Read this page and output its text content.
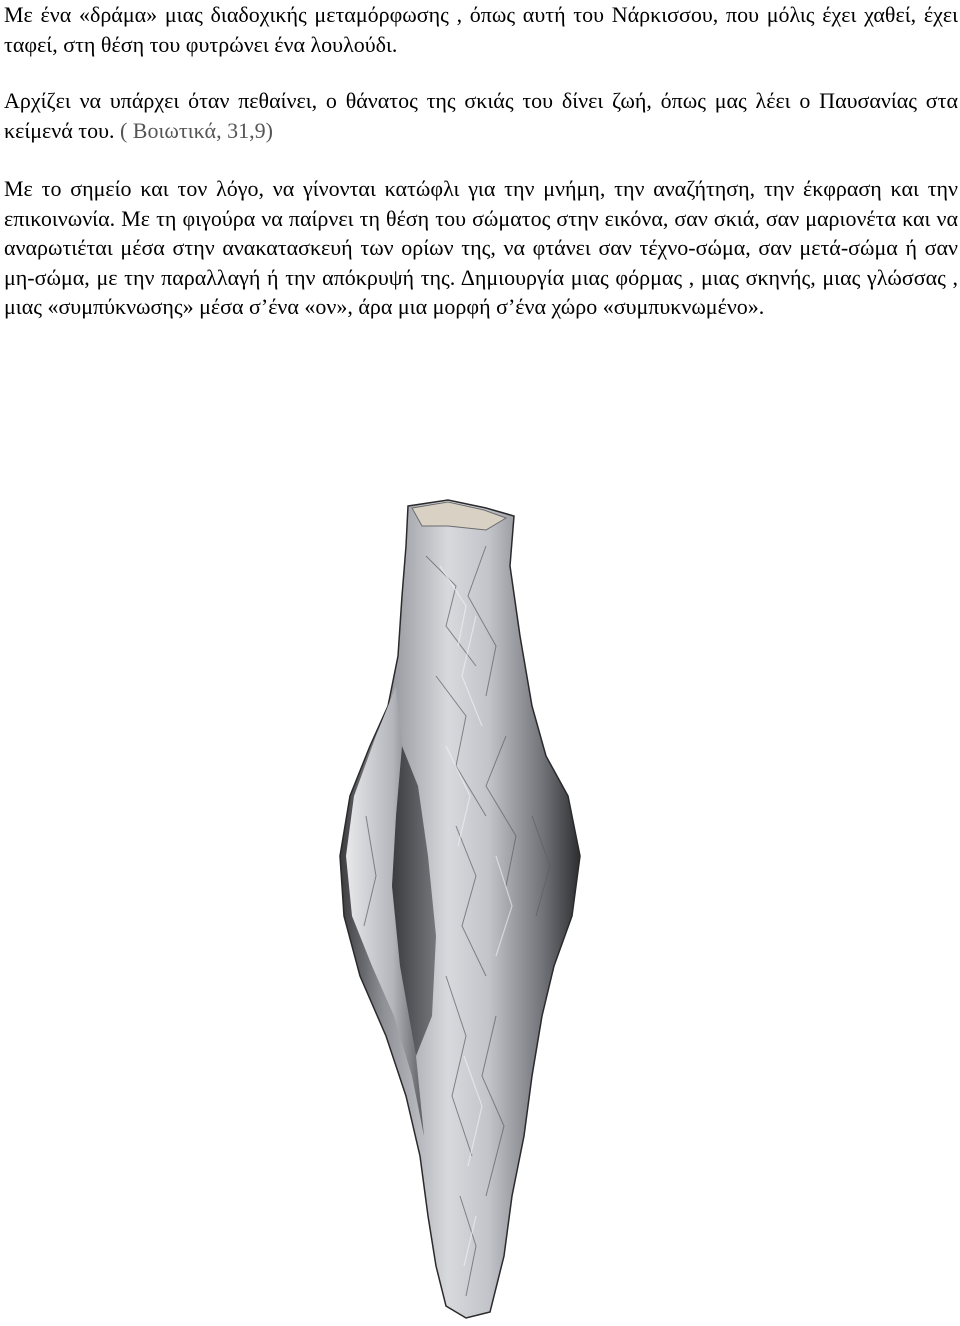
Με ένα «δράμα» μιας διαδοχικής μεταμόρφωσης , όπως αυτή του Νάρκισσου, που μόλις έχει χαθεί, έχει ταφεί, στη θέση του φυτρώνει ένα λουλούδι.

Αρχίζει να υπάρχει όταν πεθαίνει, ο θάνατος της σκιάς του δίνει ζωή, όπως μας λέει ο Παυσανίας στα κείμενά του. ( Βοιωτικά, 31,9)

Με το σημείο και τον λόγο, να γίνονται κατώφλι για την μνήμη, την αναζήτηση, την έκφραση και την επικοινωνία. Με τη φιγούρα να παίρνει τη θέση του σώματος στην εικόνα, σαν σκιά, σαν μαριονέτα και να αναρωτιέται μέσα στην ανακατασκευή των ορίων της, να φτάνει σαν τέχνο-σώμα, σαν μετά-σώμα ή σαν μη-σώμα, με την παραλλαγή ή την απόκρυψή της. Δημιουργία μιας φόρμας , μιας σκηνής, μιας γλώσσας , μιας «συμπύκνωσης» μέσα σ’ένα «ον», άρα μια μορφή σ’ένα χώρο «συμπυκνωμένο».
